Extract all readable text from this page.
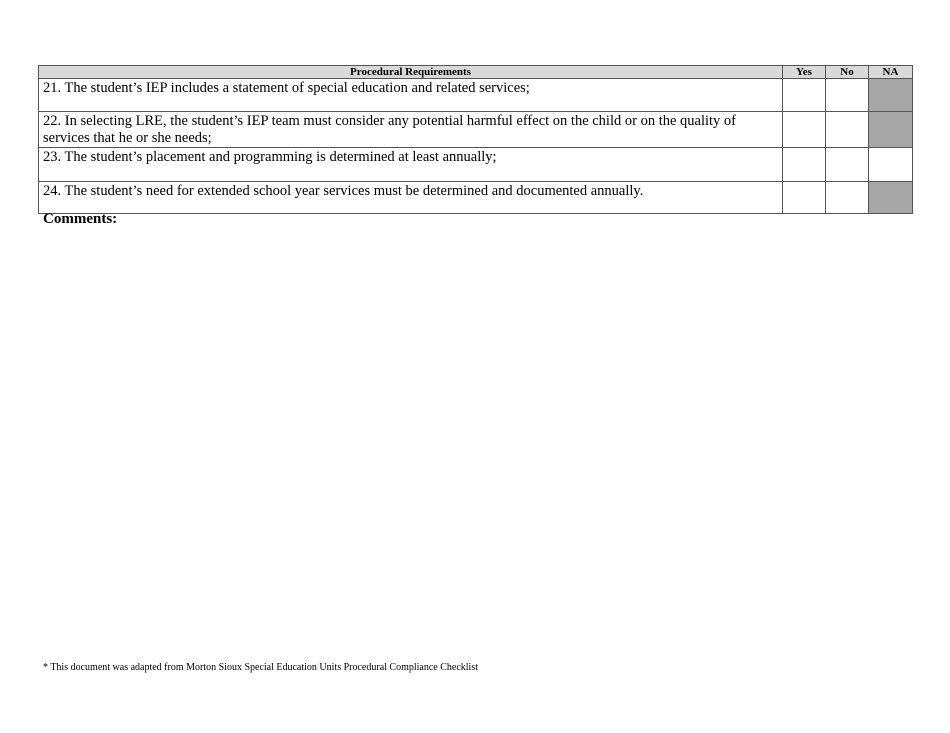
Procedural Requirements	Yes	No	NA
21. The student’s IEP includes a statement of special education and related services;			
22. In selecting LRE, the student’s IEP team must consider any potential harmful effect on the child or on the quality of services that he or she needs;			
23. The student’s placement and programming is determined at least annually;			
24. The student’s need for extended school year services must be determined and documented annually.			
Comments:
* This document was adapted from Morton Sioux Special Education Units Procedural Compliance Checklist
